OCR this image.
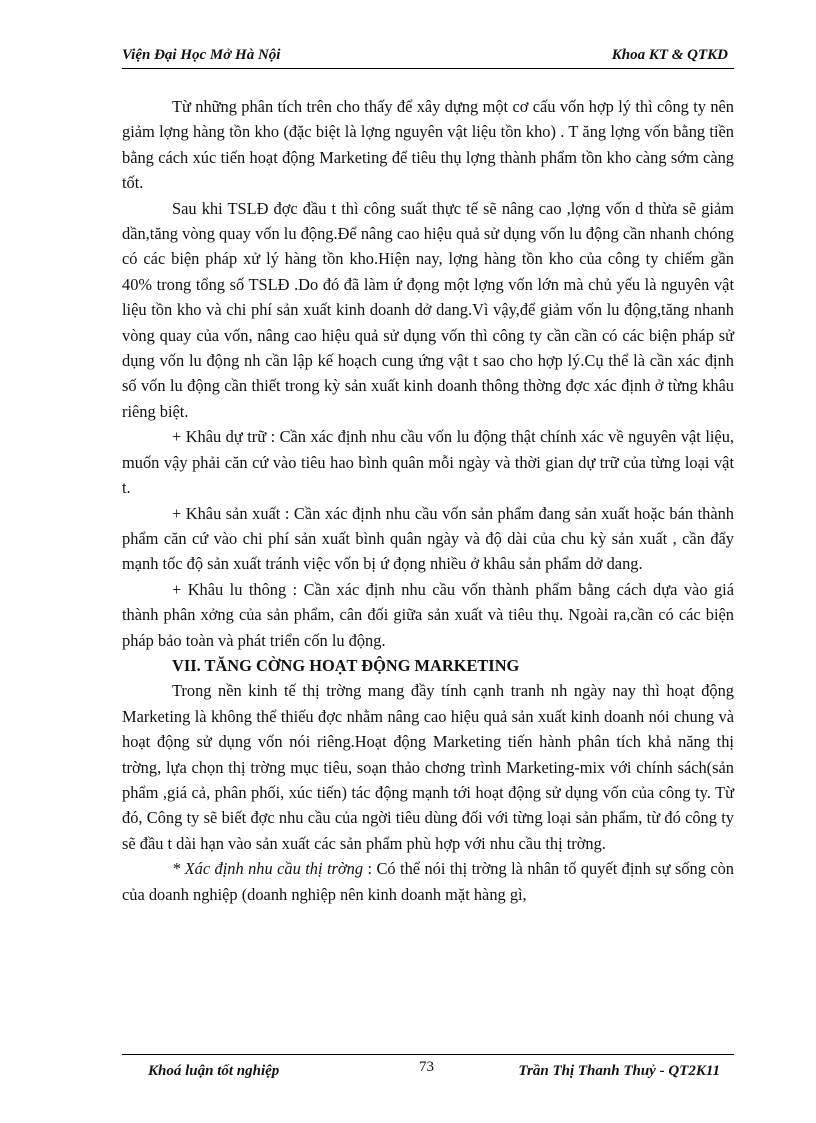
Viện Đại Học Mở Hà Nội	Khoa KT & QTKD

Từ những phân tích trên cho thấy để xây dựng một cơ cấu vốn hợp lý thì công ty nên giảm lợng hàng tồn kho (đặc biệt là lợng nguyên vật liệu tồn kho) . T ăng lợng vốn bằng tiền bằng cách xúc tiến hoạt động Marketing để tiêu thụ lợng thành phẩm tồn kho càng sớm càng tốt.

Sau khi TSLĐ đợc đầu t thì công suất thực tế sẽ nâng cao ,lợng vốn d thừa sẽ giảm dần,tăng vòng quay vốn lu động.Để nâng cao hiệu quả sử dụng vốn lu động cần nhanh chóng có các biện pháp xử lý hàng tồn kho.Hiện nay, lợng hàng tồn kho của công ty chiếm gần 40% trong tổng số TSLĐ .Do đó đã làm ứ đọng một lợng vốn lớn mà chủ yếu là nguyên vật liệu tồn kho và chi phí sản xuất kinh doanh dở dang.Vì vậy,để giảm vốn lu động,tăng nhanh vòng quay của vốn, nâng cao hiệu quả sử dụng vốn thì công ty cần cần có các biện pháp sử dụng vốn lu động nh cần lập kế hoạch cung ứng vật t sao cho hợp lý.Cụ thể là cần xác định số vốn lu động cần thiết trong kỳ sản xuất kinh doanh thông thờng đợc xác định ở từng khâu riêng biệt.

+ Khâu dự trữ : Cần xác định nhu cầu vốn lu động thật chính xác về nguyên vật liệu, muốn vậy phải căn cứ vào tiêu hao bình quân mỗi ngày và thời gian dự trữ của từng loại vật t.

+ Khâu sản xuất : Cần xác định nhu cầu vốn sản phẩm đang sản xuất hoặc bán thành phẩm căn cứ vào chi phí sản xuất bình quân ngày và độ dài của chu kỳ sản xuất , cần đẩy mạnh tốc độ sản xuất tránh việc vốn bị ứ đọng nhiều ở khâu sản phẩm dở dang.

+ Khâu lu thông : Cần xác định nhu cầu vốn thành phẩm bằng cách dựa vào giá thành phân xởng của sản phẩm, cân đối giữa sản xuất và tiêu thụ. Ngoài ra,cần có các biện pháp bảo toàn và phát triển cốn lu động.

VII. TĂNG CỜNG HOẠT ĐỘNG MARKETING

Trong nền kinh tế thị trờng mang đầy tính cạnh tranh nh ngày nay thì hoạt động Marketing là không thể thiếu đợc nhằm nâng cao hiệu quả sản xuất kinh doanh nói chung và hoạt động sử dụng vốn nói riêng.Hoạt động Marketing tiến hành phân tích khả năng thị trờng, lựa chọn thị trờng mục tiêu, soạn thảo chơng trình Marketing-mix với chính sách(sản phẩm ,giá cả, phân phối, xúc tiến) tác động mạnh tới hoạt động sử dụng vốn của công ty. Từ đó, Công ty sẽ biết đợc nhu cầu của ngời tiêu dùng đối với từng loại sản phẩm, từ đó công ty sẽ đầu t dài hạn vào sản xuất các sản phẩm phù hợp với nhu cầu thị trờng.

* Xác định nhu cầu thị trờng : Có thể nói thị trờng là nhân tố quyết định sự sống còn của doanh nghiệp (doanh nghiệp nên kinh doanh mặt hàng gì,

Khoá luận tốt nghiệp	73	Trần Thị Thanh Thuỷ - QT2K11
